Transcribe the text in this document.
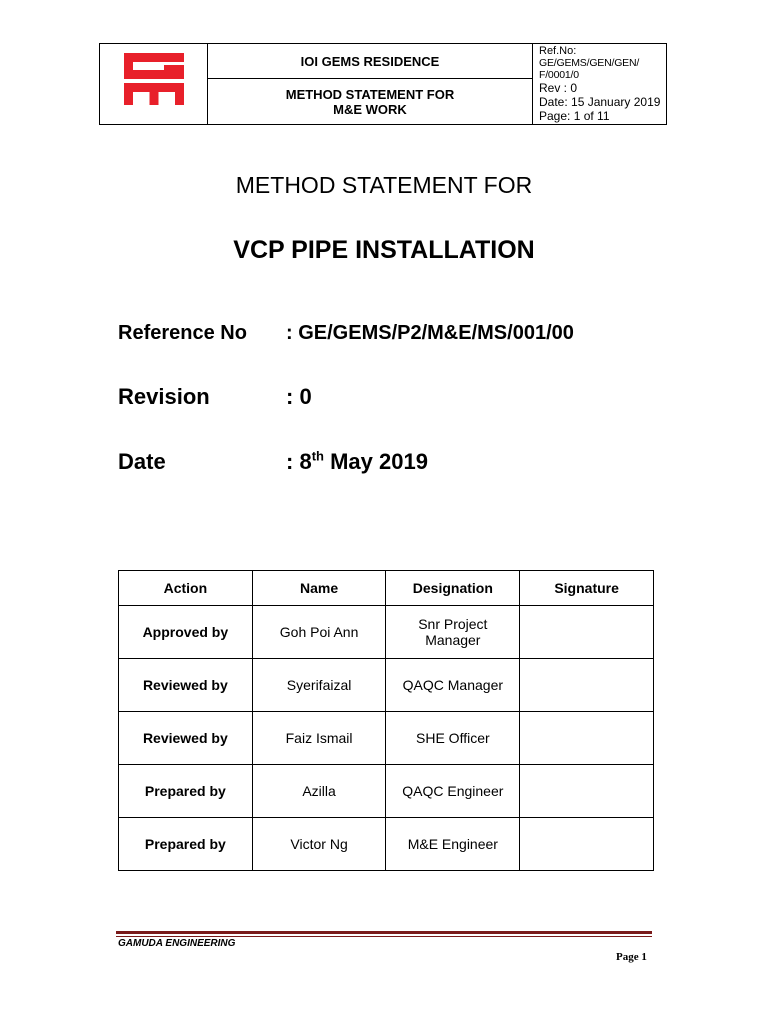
IOI GEMS RESIDENCE
METHOD STATEMENT FOR
M&E WORK
Ref.No:
GE/GEMS/GEN/GEN/
F/0001/0
Rev : 0
Date: 15 January 2019
Page: 1 of 11
METHOD STATEMENT FOR
VCP PIPE INSTALLATION
Reference No : GE/GEMS/P2/M&E/MS/001/00
Revision	: 0
Date	: 8th May 2019
Action	Name	Designation	Signature
Approved by	Goh Poi Ann	Snr Project Manager	
Reviewed by	Syerifaizal	QAQC Manager	
Reviewed by	Faiz Ismail	SHE Officer	
Prepared by	Azilla	QAQC Engineer	
Prepared by	Victor Ng	M&E Engineer	
GAMUDA ENGINEERING
Page 1
